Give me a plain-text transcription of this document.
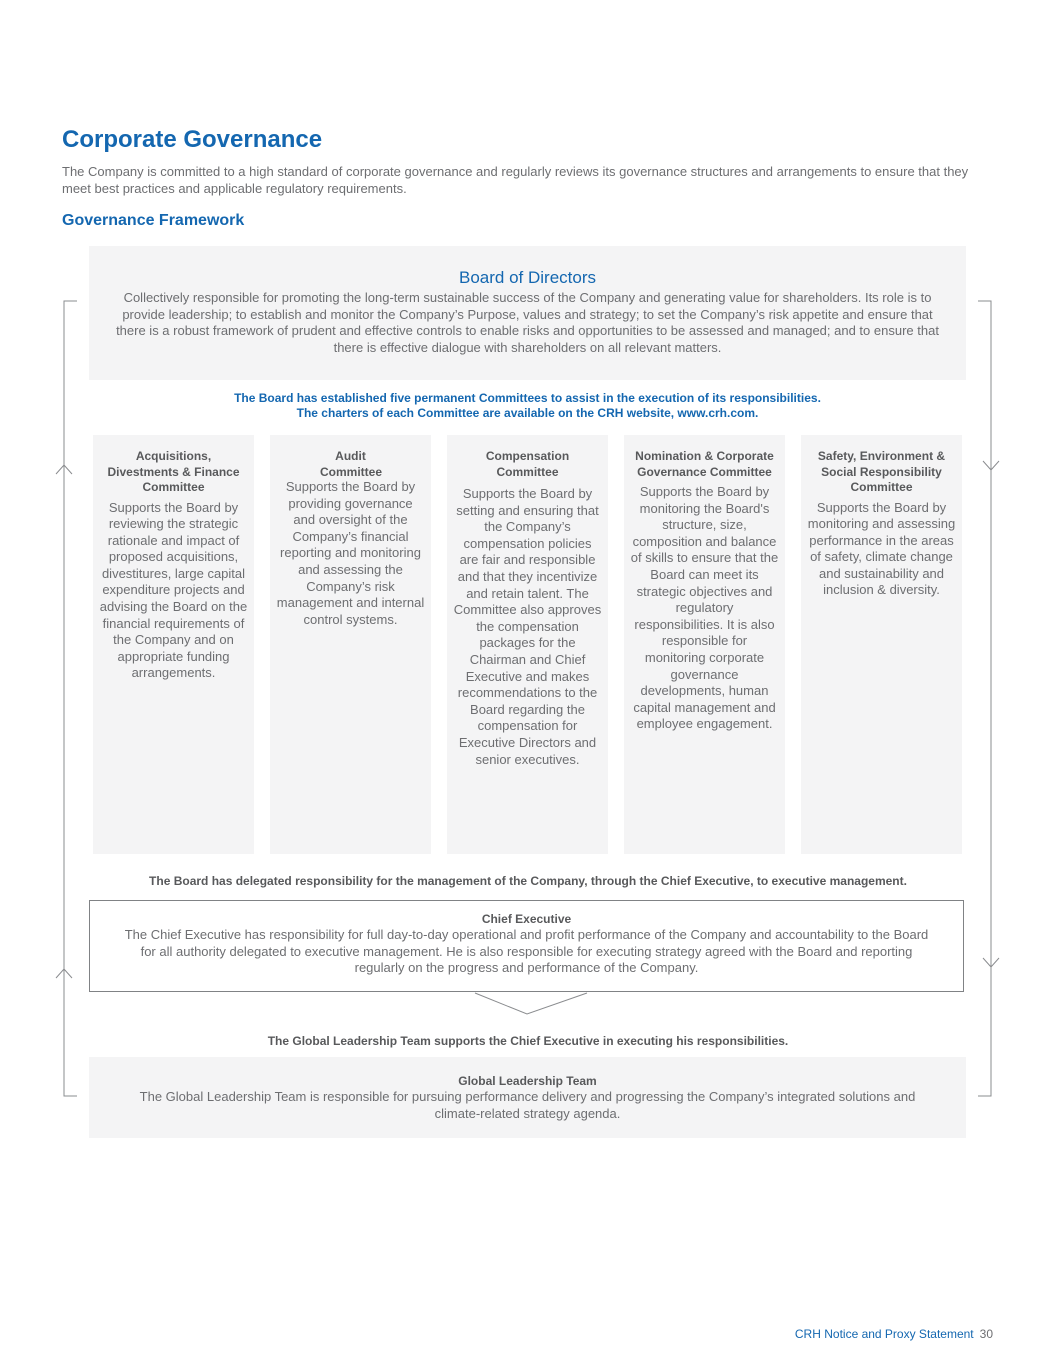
Corporate Governance

The Company is committed to a high standard of corporate governance and regularly reviews its governance structures and arrangements to ensure that they meet best practices and applicable regulatory requirements.

Governance Framework
Board of Directors
Collectively responsible for promoting the long-term sustainable success of the Company and generating value for shareholders. Its role is to provide leadership; to establish and monitor the Company’s Purpose, values and strategy; to set the Company’s risk appetite and ensure that there is a robust framework of prudent and effective controls to enable risks and opportunities to be assessed and managed; and to ensure that there is effective dialogue with shareholders on all relevant matters.
The Board has established five permanent Committees to assist in the execution of its responsibilities.
The charters of each Committee are available on the CRH website, www.crh.com.
Acquisitions, Divestments & Finance Committee
Supports the Board by reviewing the strategic rationale and impact of proposed acquisitions, divestitures, large capital expenditure projects and advising the Board on the financial requirements of the Company and on appropriate funding arrangements.
Audit Committee
Supports the Board by providing governance and oversight of the Company’s financial reporting and monitoring and assessing the Company’s risk management and internal control systems.
Compensation Committee
Supports the Board by setting and ensuring that the Company’s compensation policies are fair and responsible and that they incentivize and retain talent. The Committee also approves the compensation packages for the Chairman and Chief Executive and makes recommendations to the Board regarding the compensation for Executive Directors and senior executives.
Nomination & Corporate Governance Committee
Supports the Board by monitoring the Board's structure, size, composition and balance of skills to ensure that the Board can meet its strategic objectives and regulatory responsibilities. It is also responsible for monitoring corporate governance developments, human capital management and employee engagement.
Safety, Environment & Social Responsibility Committee
Supports the Board by monitoring and assessing performance in the areas of safety, climate change and sustainability and inclusion & diversity.
The Board has delegated responsibility for the management of the Company, through the Chief Executive, to executive management.
Chief Executive
The Chief Executive has responsibility for full day-to-day operational and profit performance of the Company and accountability to the Board for all authority delegated to executive management. He is also responsible for executing strategy agreed with the Board and reporting regularly on the progress and performance of the Company.
The Global Leadership Team supports the Chief Executive in executing his responsibilities.
Global Leadership Team
The Global Leadership Team is responsible for pursuing performance delivery and progressing the Company’s integrated solutions and climate-related strategy agenda.
CRH Notice and Proxy Statement 30
